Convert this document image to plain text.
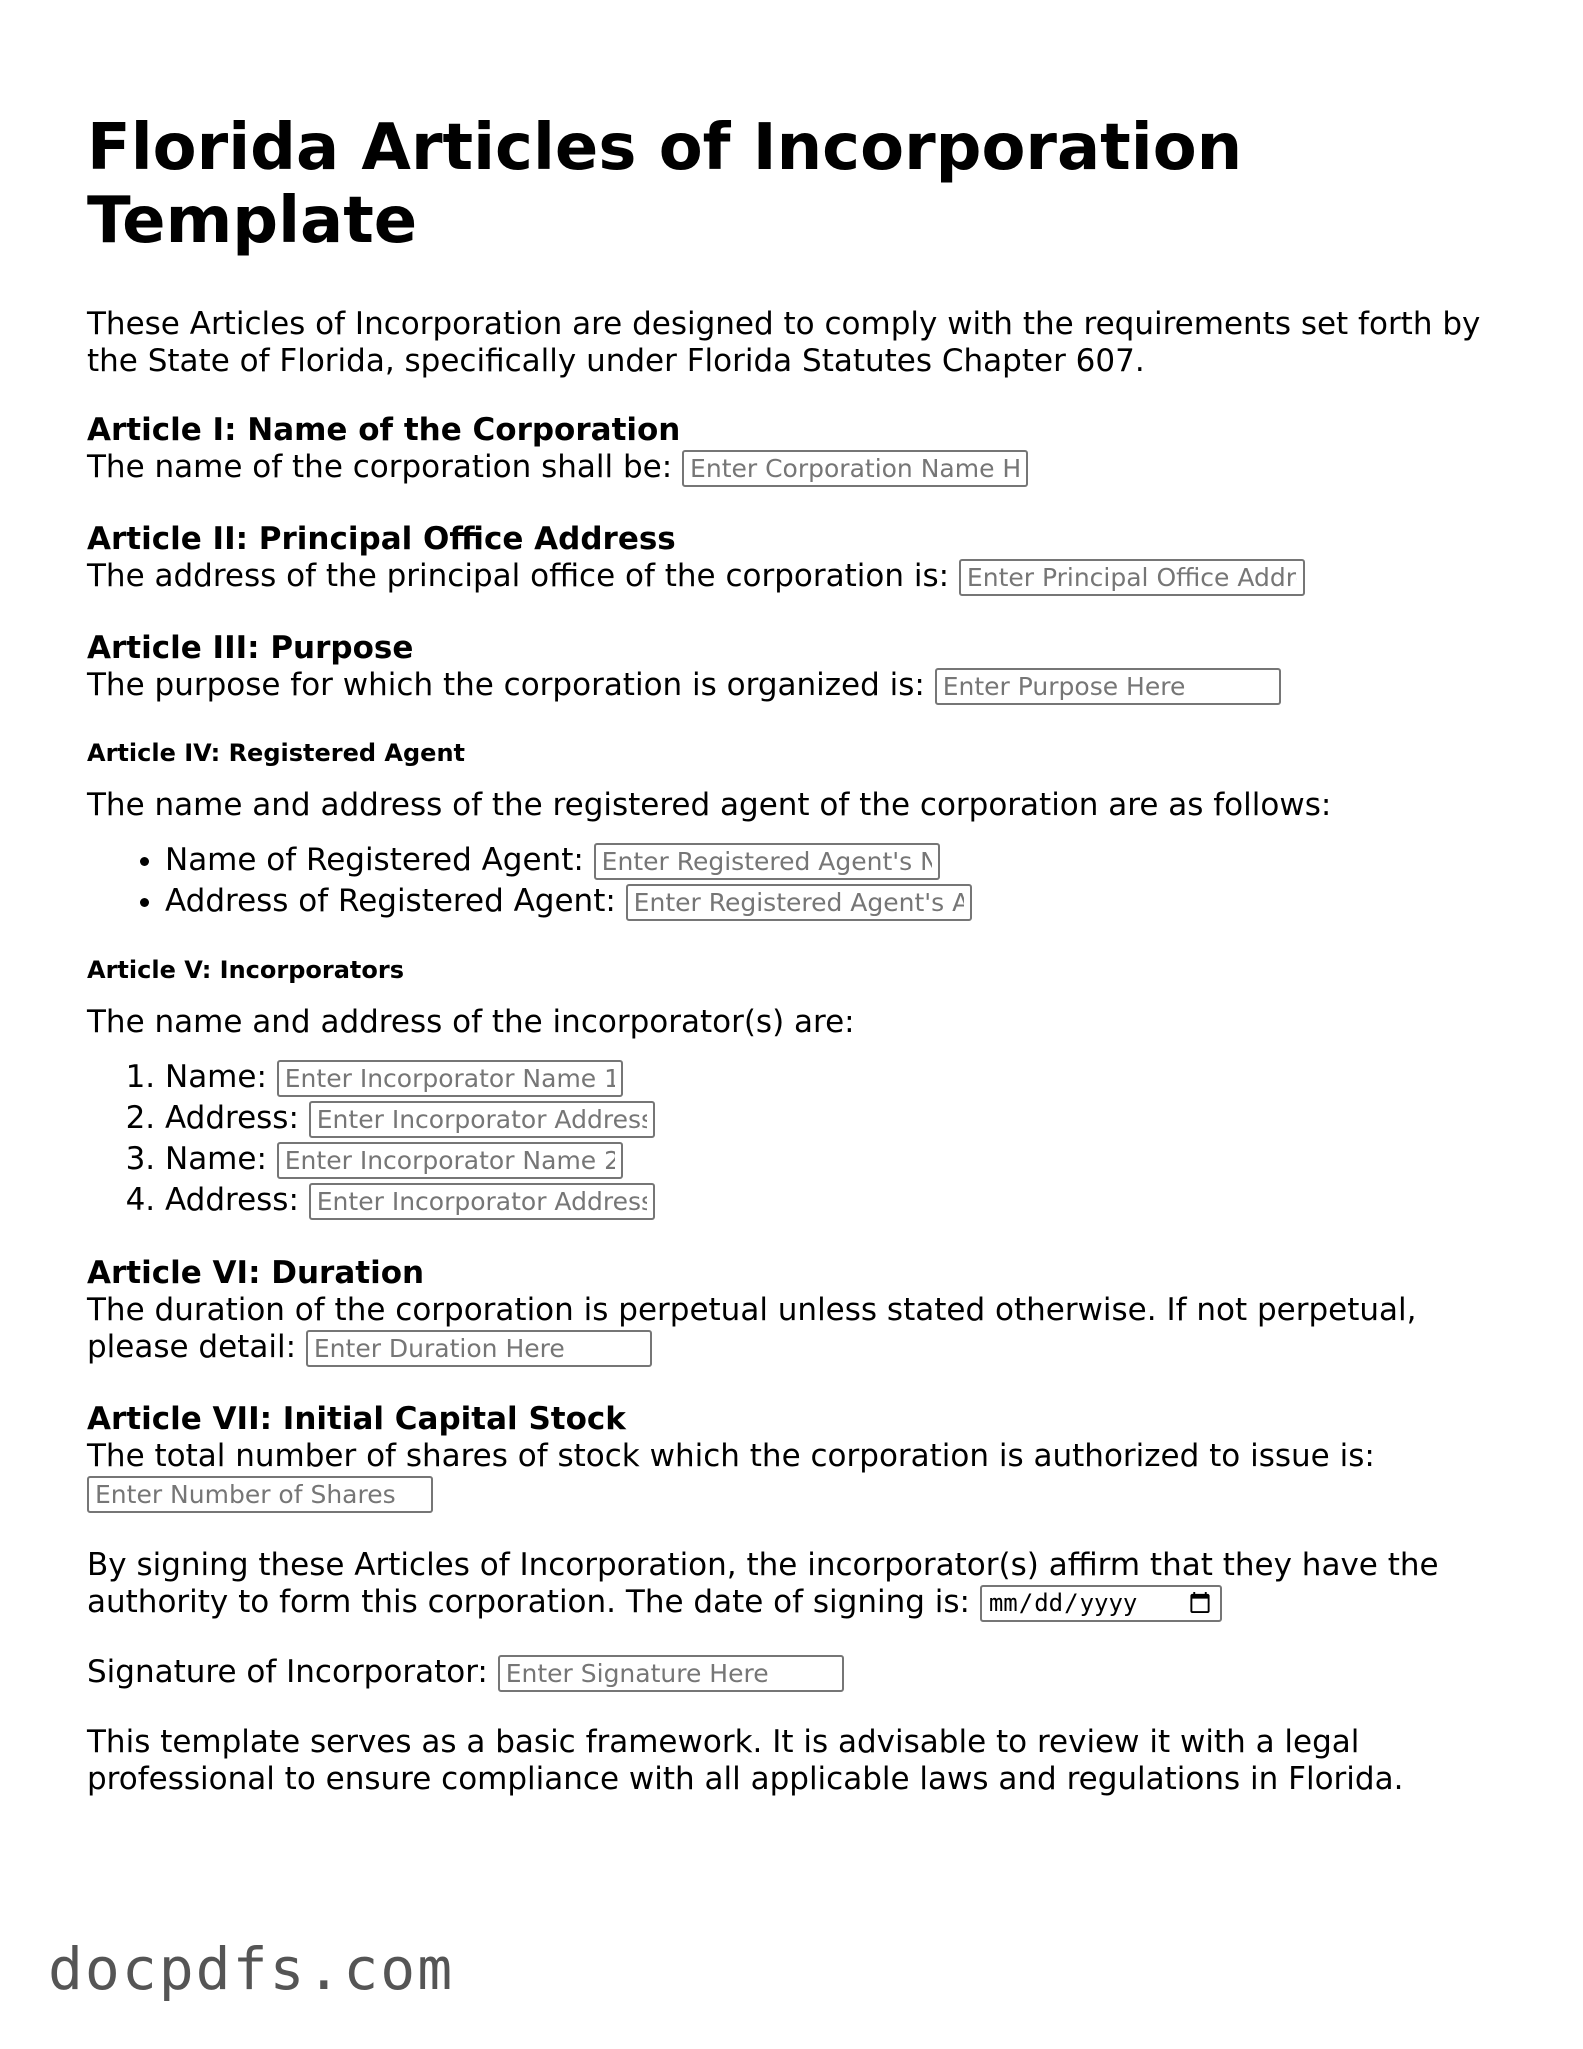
Florida Articles of Incorporation Template

These Articles of Incorporation are designed to comply with the requirements set forth by the State of Florida, specifically under Florida Statutes Chapter 607.

Article I: Name of the Corporation

The name of the corporation shall be: Enter Corporation Name Here

Article II: Principal Office Address

The address of the principal office of the corporation is: Enter Principal Office Address Here

Article III: Purpose

The purpose for which the corporation is organized is: Enter Purpose Here

Article IV: Registered Agent

The name and address of the registered agent of the corporation are as follows:

• Name of Registered Agent: Enter Registered Agent's Name Here
• Address of Registered Agent: Enter Registered Agent's Address Here
Article V: Incorporators

The name and address of the incorporator(s) are:

1. Name: Enter Incorporator Name 1
2. Address: Enter Incorporator Address 1
3. Name: Enter Incorporator Name 2
4. Address: Enter Incorporator Address 2
Article VI: Duration

The duration of the corporation is perpetual unless stated otherwise. If not perpetual, please detail: Enter Duration Here

Article VII: Initial Capital Stock

The total number of shares of stock which the corporation is authorized to issue is: Enter Number of Shares

By signing these Articles of Incorporation, the incorporator(s) affirm that they have the authority to form this corporation. The date of signing is:

Signature of Incorporator: Enter Signature Here

This template serves as a basic framework. It is advisable to review it with a legal professional to ensure compliance with all applicable laws and regulations in Florida.

docpdfs.com
